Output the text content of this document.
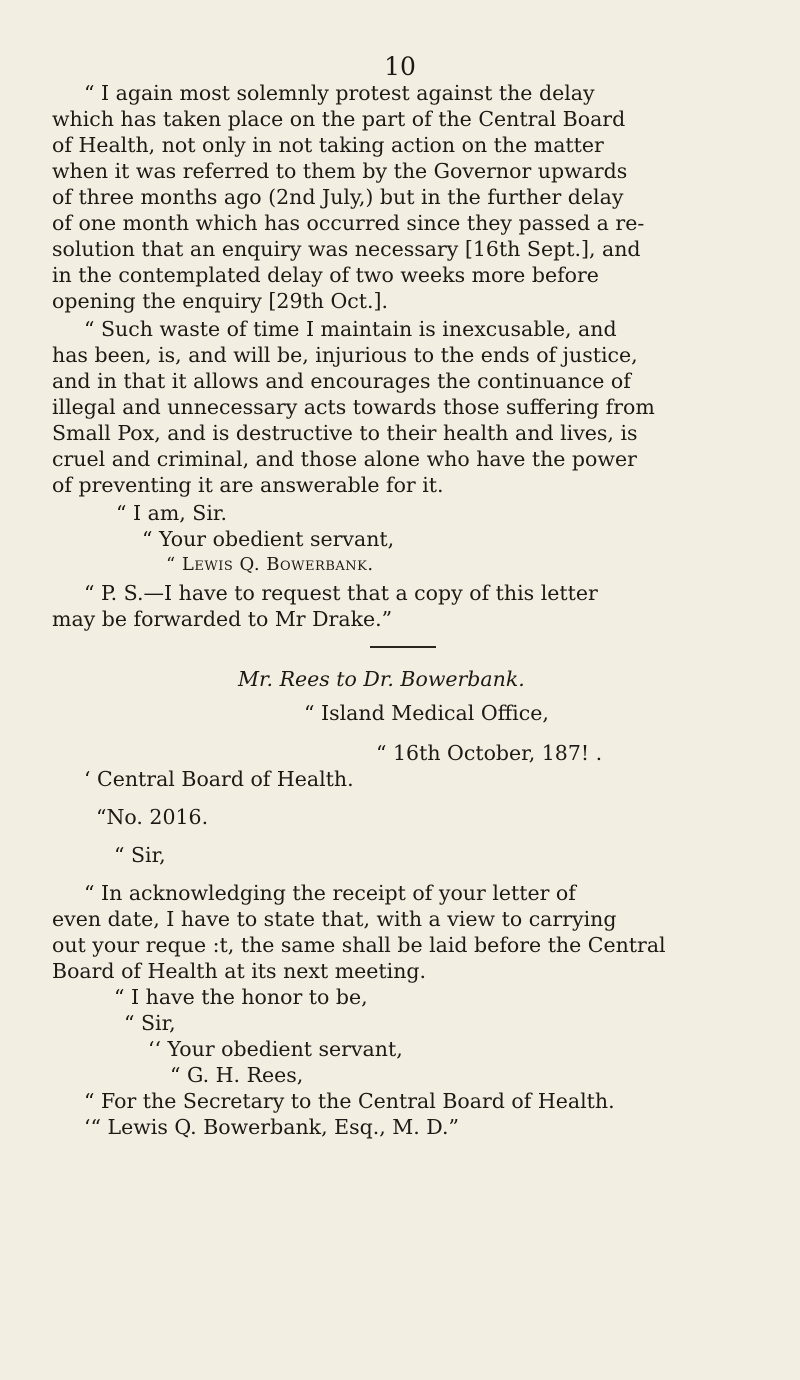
10
“ I again most solemnly protest against the delay
which has taken place on the part of the Central Board
of Health, not only in not taking action on the matter
when it was referred to them by the Governor upwards
of three months ago (2nd July,) but in the further delay
of one month which has occurred since they passed a re-
solution that an enquiry was necessary [16th Sept.], and
in the contemplated delay of two weeks more before
opening the enquiry [29th Oct.].
“ Such waste of time I maintain is inexcusable, and
has been, is, and will be, injurious to the ends of justice,
and in that it allows and encourages the continuance of
illegal and unnecessary acts towards those suffering from
Small Pox, and is destructive to their health and lives, is
cruel and criminal, and those alone who have the power
of preventing it are answerable for it.
“ I am, Sir.
“ Your obedient servant,
“ Lewis Q. Bowerbank.
“ P. S.—I have to request that a copy of this letter
may be forwarded to Mr Drake.”
Mr. Rees to Dr. Bowerbank.
“ Island Medical Office,
“ 16th October, 187! .
‘ Central Board of Health.
“No. 2016.
“ Sir,
“ In acknowledging the receipt of your letter of
even date, I have to state that, with a view to carrying
out your reque :t, the same shall be laid before the Central
Board of Health at its next meeting.
“ I have the honor to be,
“ Sir,
‘‘ Your obedient servant,
“ G. H. Rees,
“ For the Secretary to the Central Board of Health.
‘“ Lewis Q. Bowerbank, Esq., M. D.”
